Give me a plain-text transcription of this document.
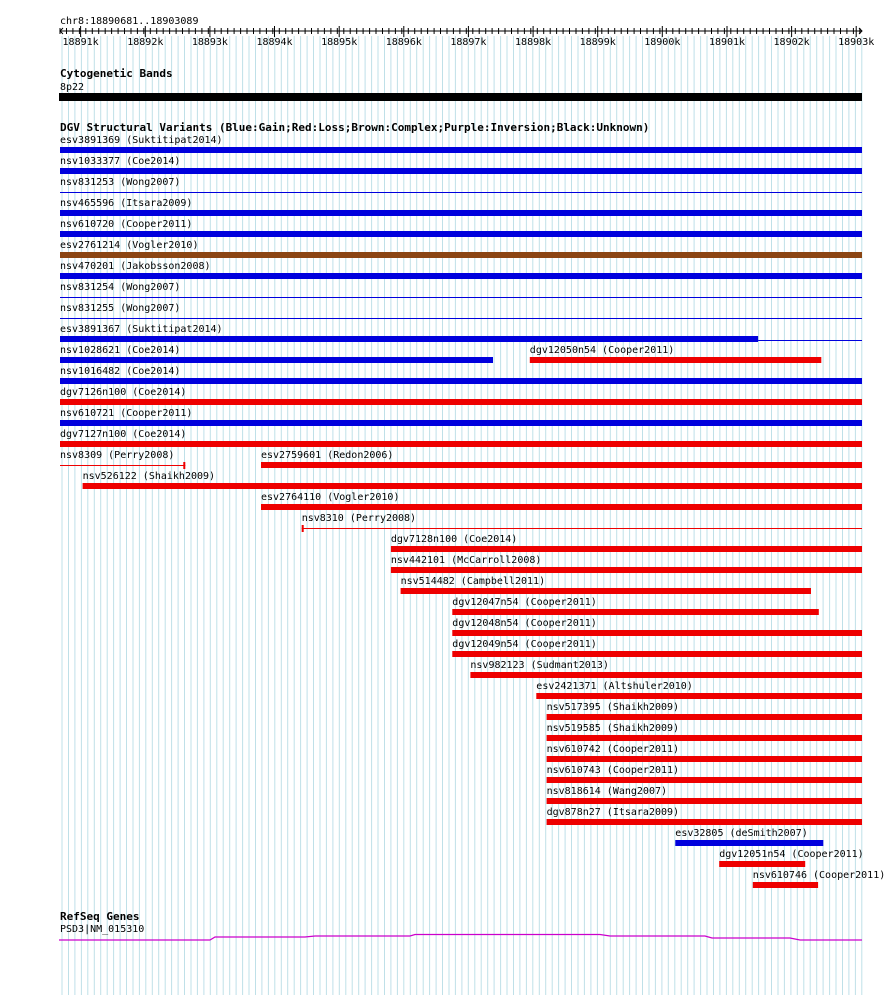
chr8:18890681..18903089
18891k	18892k	18893k	18894k	18895k	18896k	18897k	18898k	18899k	18900k	18901k	18902k	18903k
Cytogenetic Bands
8p22
DGV Structural Variants (Blue:Gain;Red:Loss;Brown:Complex;Purple:Inversion;Black:Unknown)
esv3891369 (Suktitipat2014)
nsv1033377 (Coe2014)
nsv831253 (Wong2007)
nsv465596 (Itsara2009)
nsv610720 (Cooper2011)
esv2761214 (Vogler2010)
nsv470201 (Jakobsson2008)
nsv831254 (Wong2007)
nsv831255 (Wong2007)
esv3891367 (Suktitipat2014)
nsv1028621 (Coe2014)	dgv12050n54 (Cooper2011)
nsv1016482 (Coe2014)
dgv7126n100 (Coe2014)
nsv610721 (Cooper2011)
dgv7127n100 (Coe2014)
nsv8309 (Perry2008)	esv2759601 (Redon2006)
nsv526122 (Shaikh2009)
esv2764110 (Vogler2010)
nsv8310 (Perry2008)
dgv7128n100 (Coe2014)
nsv442101 (McCarroll2008)
nsv514482 (Campbell2011)
dgv12047n54 (Cooper2011)
dgv12048n54 (Cooper2011)
dgv12049n54 (Cooper2011)
nsv982123 (Sudmant2013)
esv2421371 (Altshuler2010)
nsv517395 (Shaikh2009)
nsv519585 (Shaikh2009)
nsv610742 (Cooper2011)
nsv610743 (Cooper2011)
nsv818614 (Wang2007)
dgv878n27 (Itsara2009)
esv32805 (deSmith2007)
dgv12051n54 (Cooper2011)
nsv610746 (Cooper2011)
RefSeq Genes
PSD3|NM_015310
